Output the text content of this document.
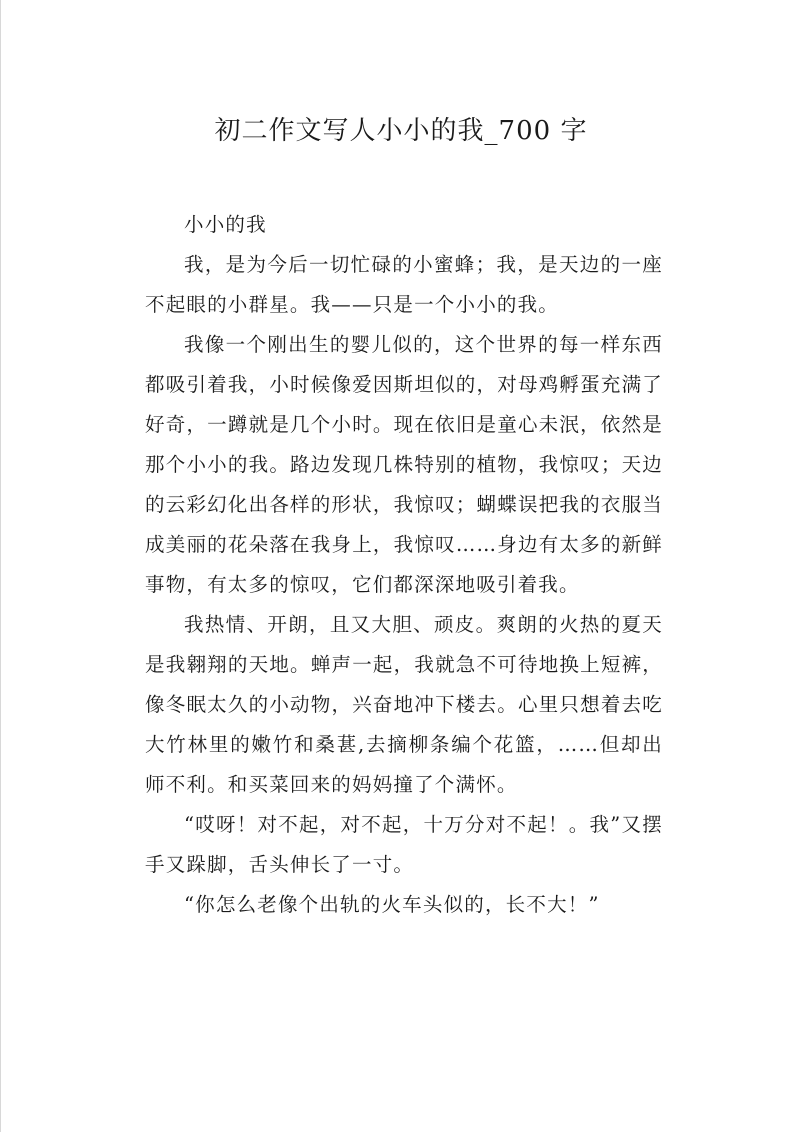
初二作文写人小小的我_700 字

小小的我

我，是为今后一切忙碌的小蜜蜂；我，是天边的一座不起眼的小群星。我——只是一个小小的我。

我像一个刚出生的婴儿似的，这个世界的每一样东西都吸引着我，小时候像爱因斯坦似的，对母鸡孵蛋充满了好奇，一蹲就是几个小时。现在依旧是童心未泯，依然是那个小小的我。路边发现几株特别的植物，我惊叹；天边的云彩幻化出各样的形状，我惊叹；蝴蝶误把我的衣服当成美丽的花朵落在我身上，我惊叹……身边有太多的新鲜事物，有太多的惊叹，它们都深深地吸引着我。

我热情、开朗，且又大胆、顽皮。爽朗的火热的夏天是我翱翔的天地。蝉声一起，我就急不可待地换上短裤，像冬眠太久的小动物，兴奋地冲下楼去。心里只想着去吃大竹林里的嫩竹和桑葚,去摘柳条编个花篮，……但却出师不利。和买菜回来的妈妈撞了个满怀。

“哎呀！对不起，对不起，十万分对不起！。我”又摆手又跺脚，舌头伸长了一寸。

“你怎么老像个出轨的火车头似的，长不大！”
